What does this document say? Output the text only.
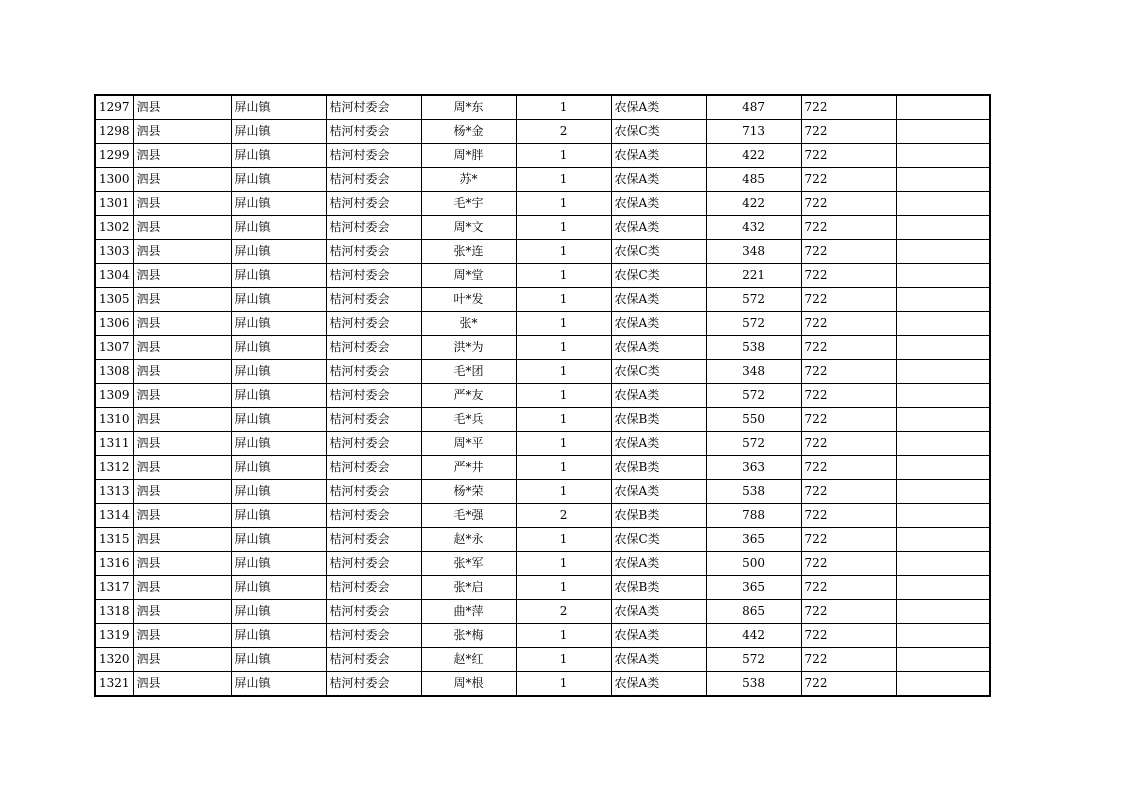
1297	泗县	屏山镇	桔河村委会	周*东	1	农保A类	487	722	
1298	泗县	屏山镇	桔河村委会	杨*金	2	农保C类	713	722	
1299	泗县	屏山镇	桔河村委会	周*胖	1	农保A类	422	722	
1300	泗县	屏山镇	桔河村委会	苏*	1	农保A类	485	722	
1301	泗县	屏山镇	桔河村委会	毛*宇	1	农保A类	422	722	
1302	泗县	屏山镇	桔河村委会	周*文	1	农保A类	432	722	
1303	泗县	屏山镇	桔河村委会	张*连	1	农保C类	348	722	
1304	泗县	屏山镇	桔河村委会	周*堂	1	农保C类	221	722	
1305	泗县	屏山镇	桔河村委会	叶*发	1	农保A类	572	722	
1306	泗县	屏山镇	桔河村委会	张*	1	农保A类	572	722	
1307	泗县	屏山镇	桔河村委会	洪*为	1	农保A类	538	722	
1308	泗县	屏山镇	桔河村委会	毛*团	1	农保C类	348	722	
1309	泗县	屏山镇	桔河村委会	严*友	1	农保A类	572	722	
1310	泗县	屏山镇	桔河村委会	毛*兵	1	农保B类	550	722	
1311	泗县	屏山镇	桔河村委会	周*平	1	农保A类	572	722	
1312	泗县	屏山镇	桔河村委会	严*井	1	农保B类	363	722	
1313	泗县	屏山镇	桔河村委会	杨*荣	1	农保A类	538	722	
1314	泗县	屏山镇	桔河村委会	毛*强	2	农保B类	788	722	
1315	泗县	屏山镇	桔河村委会	赵*永	1	农保C类	365	722	
1316	泗县	屏山镇	桔河村委会	张*军	1	农保A类	500	722	
1317	泗县	屏山镇	桔河村委会	张*启	1	农保B类	365	722	
1318	泗县	屏山镇	桔河村委会	曲*萍	2	农保A类	865	722	
1319	泗县	屏山镇	桔河村委会	张*梅	1	农保A类	442	722	
1320	泗县	屏山镇	桔河村委会	赵*红	1	农保A类	572	722	
1321	泗县	屏山镇	桔河村委会	周*根	1	农保A类	538	722	
